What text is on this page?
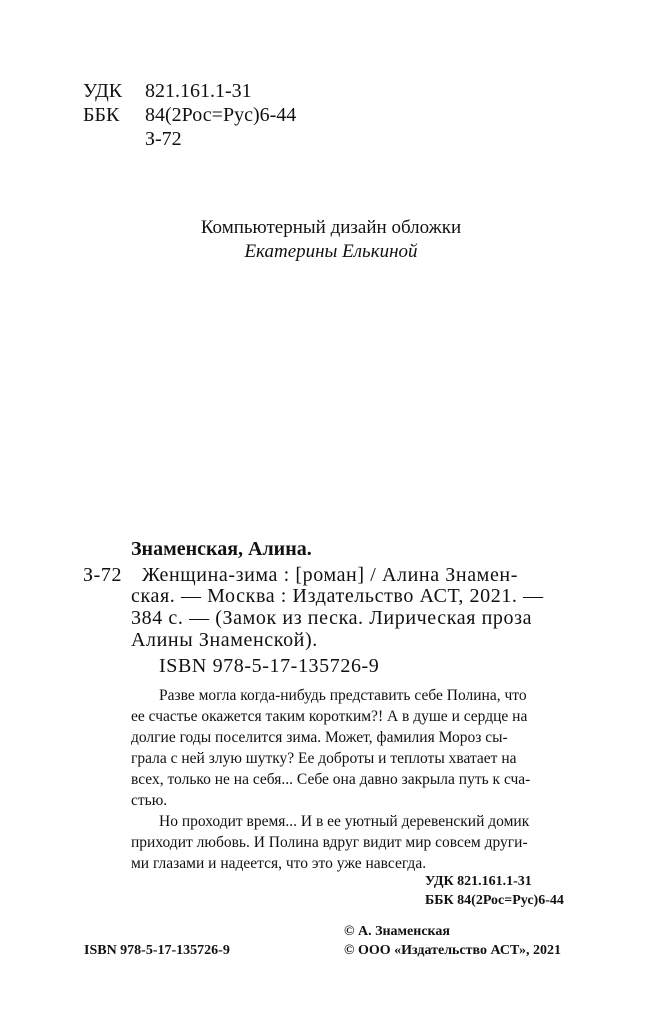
УДК 821.161.1-31
ББК 84(2Рос=Рус)6-44
З-72
Компьютерный дизайн обложки
Екатерины Елькиной
Знаменская, Алина.
З-72 Женщина-зима : [роман] / Алина Знамен-
ская. — Москва : Издательство АСТ, 2021. —
384 с. — (Замок из песка. Лирическая проза
Алины Знаменской).
ISBN 978-5-17-135726-9
Разве могла когда-нибудь представить себе Полина, что
ее счастье окажется таким коротким?! А в душе и сердце на
долгие годы поселится зима. Может, фамилия Мороз сы-
грала с ней злую шутку? Ее доброты и теплоты хватает на
всех, только не на себя... Себе она давно закрыла путь к сча-
стью.
Но проходит время... И в ее уютный деревенский домик
приходит любовь. И Полина вдруг видит мир совсем други-
ми глазами и надеется, что это уже навсегда.
УДК 821.161.1-31
ББК 84(2Рос=Рус)6-44
© А. Знаменская
ISBN 978-5-17-135726-9	© ООО «Издательство АСТ», 2021
